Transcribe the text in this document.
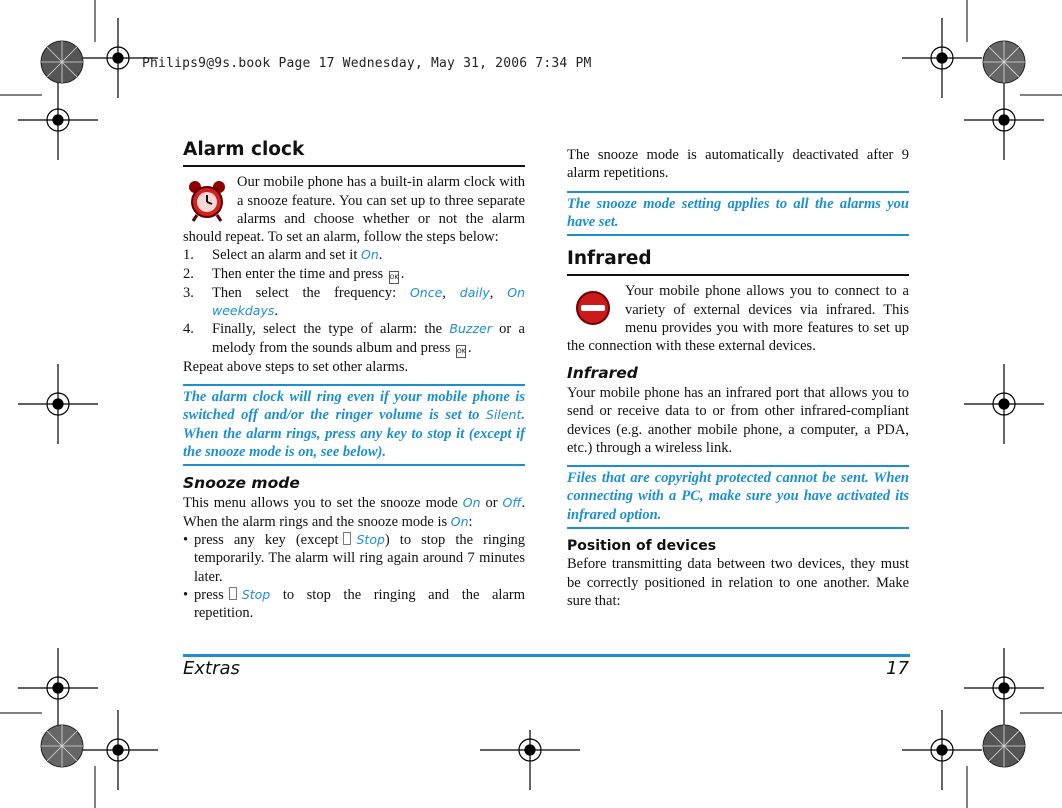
Philips9@9s.book Page 17 Wednesday, May 31, 2006 7:34 PM
Alarm clock

Our mobile phone has a built-in alarm clock with a snooze feature. You can set up to three separate alarms and choose whether or not the alarm should repeat. To set an alarm, follow the steps below:

1.	Select an alarm and set it On.
2.	Then enter the time and press OK .
3.	Then select the frequency: Once, daily, On weekdays.
4.	Finally, select the type of alarm: the Buzzer or a melody from the sounds album and press OK .

Repeat above steps to set other alarms.

The alarm clock will ring even if your mobile phone is switched off and/or the ringer volume is set to Silent. When the alarm rings, press any key to stop it (except if the snooze mode is on, see below).
Snooze mode

This menu allows you to set the snooze mode On or Off. When the alarm rings and the snooze mode is On:

• press any key (except Stop) to stop the ringing temporarily. The alarm will ring again around 7 minutes later.
• press Stop to stop the ringing and the alarm repetition.

The snooze mode is automatically deactivated after 9 alarm repetitions.

The snooze mode setting applies to all the alarms you have set.
Infrared

Your mobile phone allows you to connect to a variety of external devices via infrared. This menu provides you with more features to set up the connection with these external devices.

Infrared

Your mobile phone has an infrared port that allows you to send or receive data to or from other infrared-compliant devices (e.g. another mobile phone, a computer, a PDA, etc.) through a wireless link.

Files that are copyright protected cannot be sent. When connecting with a PC, make sure you have activated its infrared option.
Position of devices

Before transmitting data between two devices, they must be correctly positioned in relation to one another. Make sure that:

Extras	17
